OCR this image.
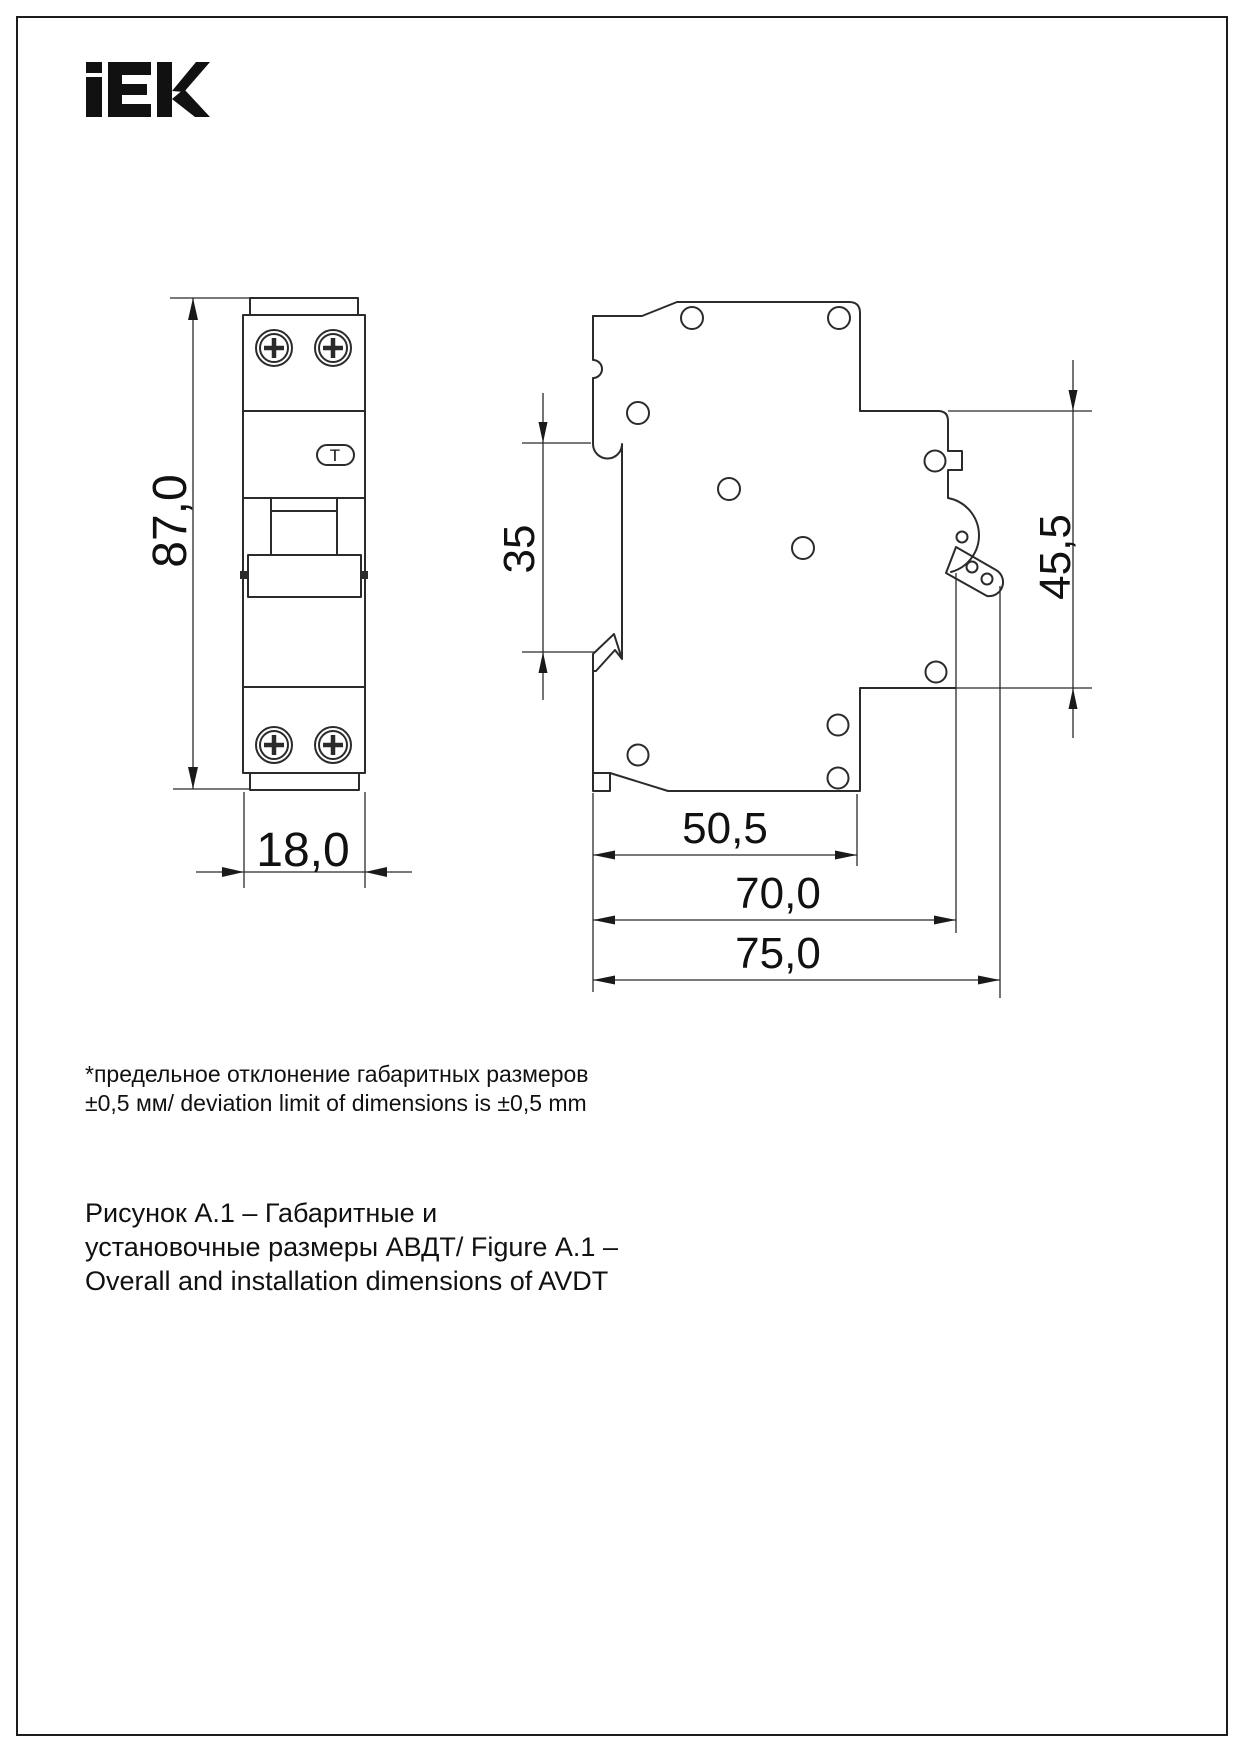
T
87,0
18,0
35	45,5
50,5
70,0
75,0
*предельное отклонение габаритных размеров
±0,5 мм/ deviation limit of dimensions is ±0,5 mm
Рисунок А.1 – Габаритные и
установочные размеры АВДТ/ Figure А.1 –
Overall and installation dimensions of AVDT
